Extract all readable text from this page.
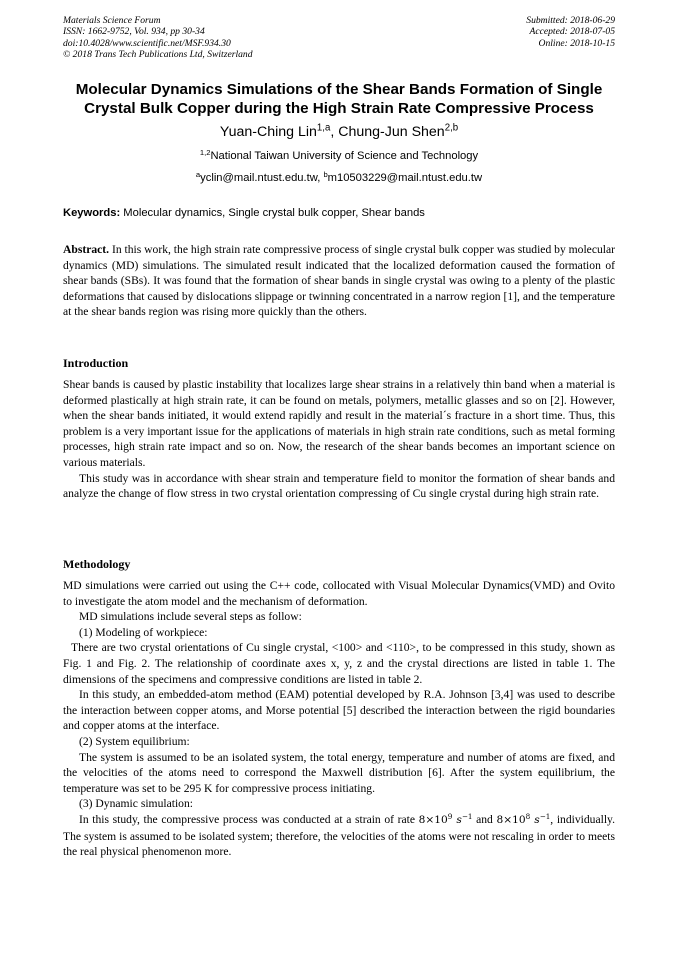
Materials Science Forum
ISSN: 1662-9752, Vol. 934, pp 30-34
doi:10.4028/www.scientific.net/MSF.934.30
© 2018 Trans Tech Publications Ltd, Switzerland
Submitted: 2018-06-29
Accepted: 2018-07-05
Online: 2018-10-15
Molecular Dynamics Simulations of the Shear Bands Formation of Single
Crystal Bulk Copper during the High Strain Rate Compressive Process
Yuan-Ching Lin$^{1,a}$, Chung-Jun Shen$^{2,b}$
$^{1,2}$National Taiwan University of Science and Technology
$^a$yclin@mail.ntust.edu.tw, $^b$m10503229@mail.ntust.edu.tw
Keywords: Molecular dynamics, Single crystal bulk copper, Shear bands

Abstract. In this work, the high strain rate compressive process of single crystal bulk copper was studied by molecular dynamics (MD) simulations. The simulated result indicated that the localized deformation caused the formation of shear bands (SBs). It was found that the formation of shear bands in single crystal was owing to a plenty of the plastic deformations that caused by dislocations slippage or twinning concentrated in a narrow region [1], and the temperature at the shear bands region was rising more quickly than the others.

Introduction

Shear bands is caused by plastic instability that localizes large shear strains in a relatively thin band when a material is deformed plastically at high strain rate, it can be found on metals, polymers, metallic glasses and so on [2]. However, when the shear bands initiated, it would extend rapidly and result in the material´s fracture in a short time. Thus, this problem is a very important issue for the applications of materials in high strain rate conditions, such as metal forming processes, high strain rate impact and so on. Now, the research of the shear bands becomes an important science on various materials.

This study was in accordance with shear strain and temperature field to monitor the formation of shear bands and analyze the change of flow stress in two crystal orientation compressing of Cu single crystal during high strain rate.

Methodology

MD simulations were carried out using the C++ code, collocated with Visual Molecular Dynamics(VMD) and Ovito to investigate the atom model and the mechanism of deformation.

MD simulations include several steps as follow:

(1) Modeling of workpiece:

There are two crystal orientations of Cu single crystal, <100> and <110>, to be compressed in this study, shown as Fig. 1 and Fig. 2. The relationship of coordinate axes x, y, z and the crystal directions are listed in table 1. The dimensions of the specimens and compressive conditions are listed in table 2.

In this study, an embedded-atom method (EAM) potential developed by R.A. Johnson [3,4] was used to describe the interaction between copper atoms, and Morse potential [5] described the interaction between the rigid boundaries and copper atoms at the interface.

(2) System equilibrium:

The system is assumed to be an isolated system, the total energy, temperature and number of atoms are fixed, and the velocities of the atoms need to correspond the Maxwell distribution [6]. After the system equilibrium, the temperature was set to be 295 K for compressive process initiating.

(3) Dynamic simulation:

In this study, the compressive process was conducted at a strain of rate $8\times 10^9$ $s^{-1}$ and $8\times 10^8$ $s^{-1}$, individually. The system is assumed to be isolated system; therefore, the velocities of the atoms were not rescaling in order to meets the real physical phenomenon more.
